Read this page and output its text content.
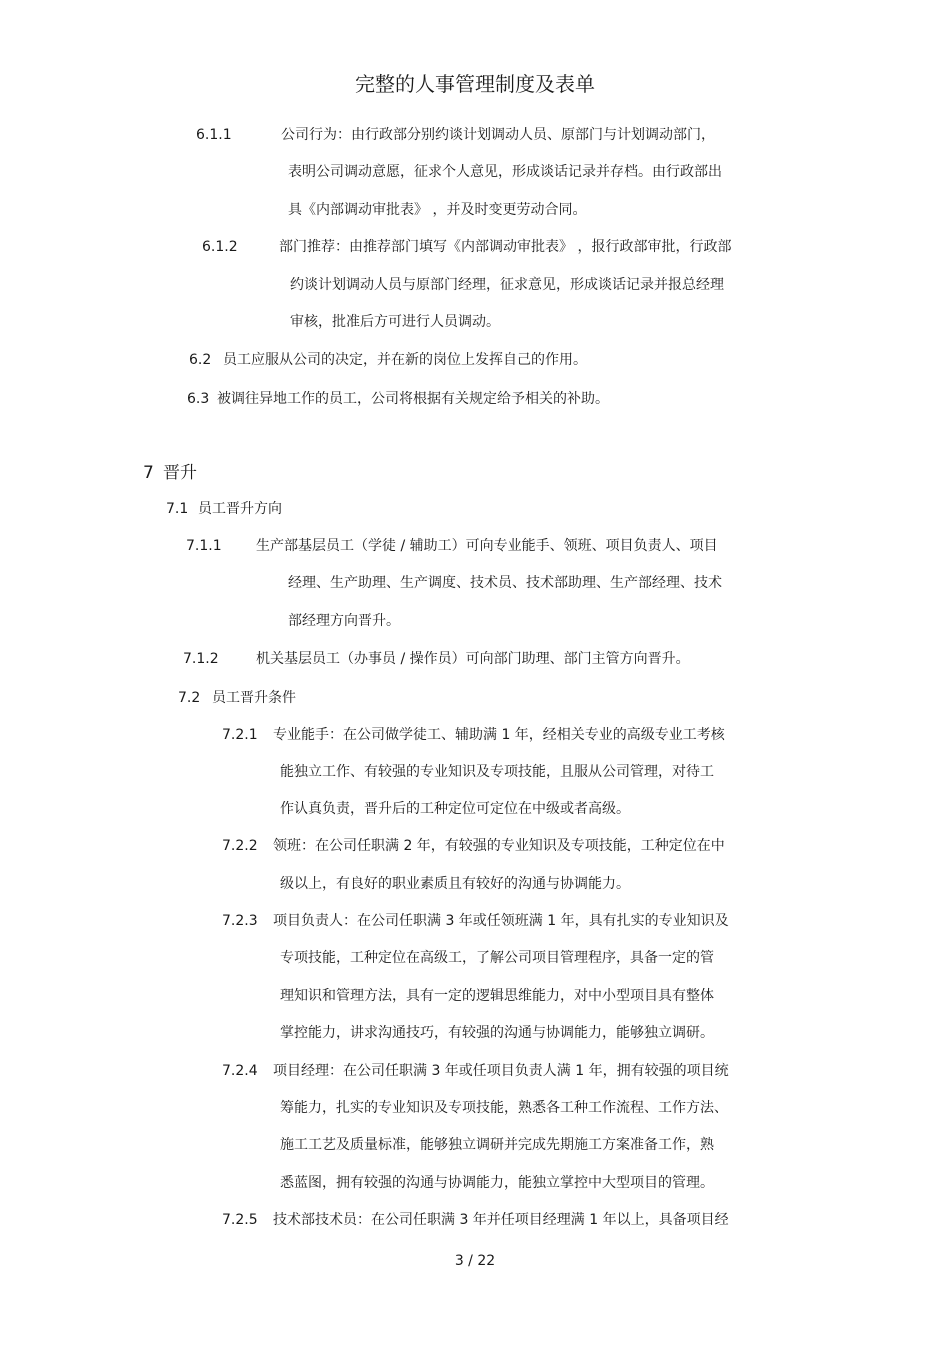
完整的人事管理制度及表单
6.1.1	公司行为：由行政部分别约谈计划调动人员、原部门与计划调动部门，
表明公司调动意愿，征求个人意见，形成谈话记录并存档。由行政部出
具《内部调动审批表》 ，并及时变更劳动合同。
6.1.2	部门推荐：由推荐部门填写《内部调动审批表》 ，报行政部审批，行政部
约谈计划调动人员与原部门经理，征求意见，形成谈话记录并报总经理
审核，批准后方可进行人员调动。
6.2 员工应服从公司的决定，并在新的岗位上发挥自己的作用。
6.3 被调往异地工作的员工，公司将根据有关规定给予相关的补助。
7 晋升
7.1 员工晋升方向
7.1.1 生产部基层员工（学徒 / 辅助工）可向专业能手、领班、项目负责人、项目
经理、生产助理、生产调度、技术员、技术部助理、生产部经理、技术
部经理方向晋升。
7.1.2	机关基层员工（办事员 / 操作员）可向部门助理、部门主管方向晋升。
7.2 员工晋升条件
7.2.1 专业能手：在公司做学徒工、辅助满 1 年，经相关专业的高级专业工考核
能独立工作、有较强的专业知识及专项技能，且服从公司管理，对待工
作认真负责，晋升后的工种定位可定位在中级或者高级。
7.2.2 领班：在公司任职满 2 年，有较强的专业知识及专项技能，工种定位在中
级以上，有良好的职业素质且有较好的沟通与协调能力。
7.2.3 项目负责人：在公司任职满 3 年或任领班满 1 年，具有扎实的专业知识及
专项技能，工种定位在高级工，了解公司项目管理程序，具备一定的管
理知识和管理方法，具有一定的逻辑思维能力，对中小型项目具有整体
掌控能力，讲求沟通技巧，有较强的沟通与协调能力，能够独立调研。
7.2.4 项目经理：在公司任职满 3 年或任项目负责人满 1 年，拥有较强的项目统
筹能力，扎实的专业知识及专项技能，熟悉各工种工作流程、工作方法、
施工工艺及质量标准，能够独立调研并完成先期施工方案准备工作，熟
悉蓝图，拥有较强的沟通与协调能力，能独立掌控中大型项目的管理。
7.2.5 技术部技术员：在公司任职满 3 年并任项目经理满 1 年以上，具备项目经
3 / 22
